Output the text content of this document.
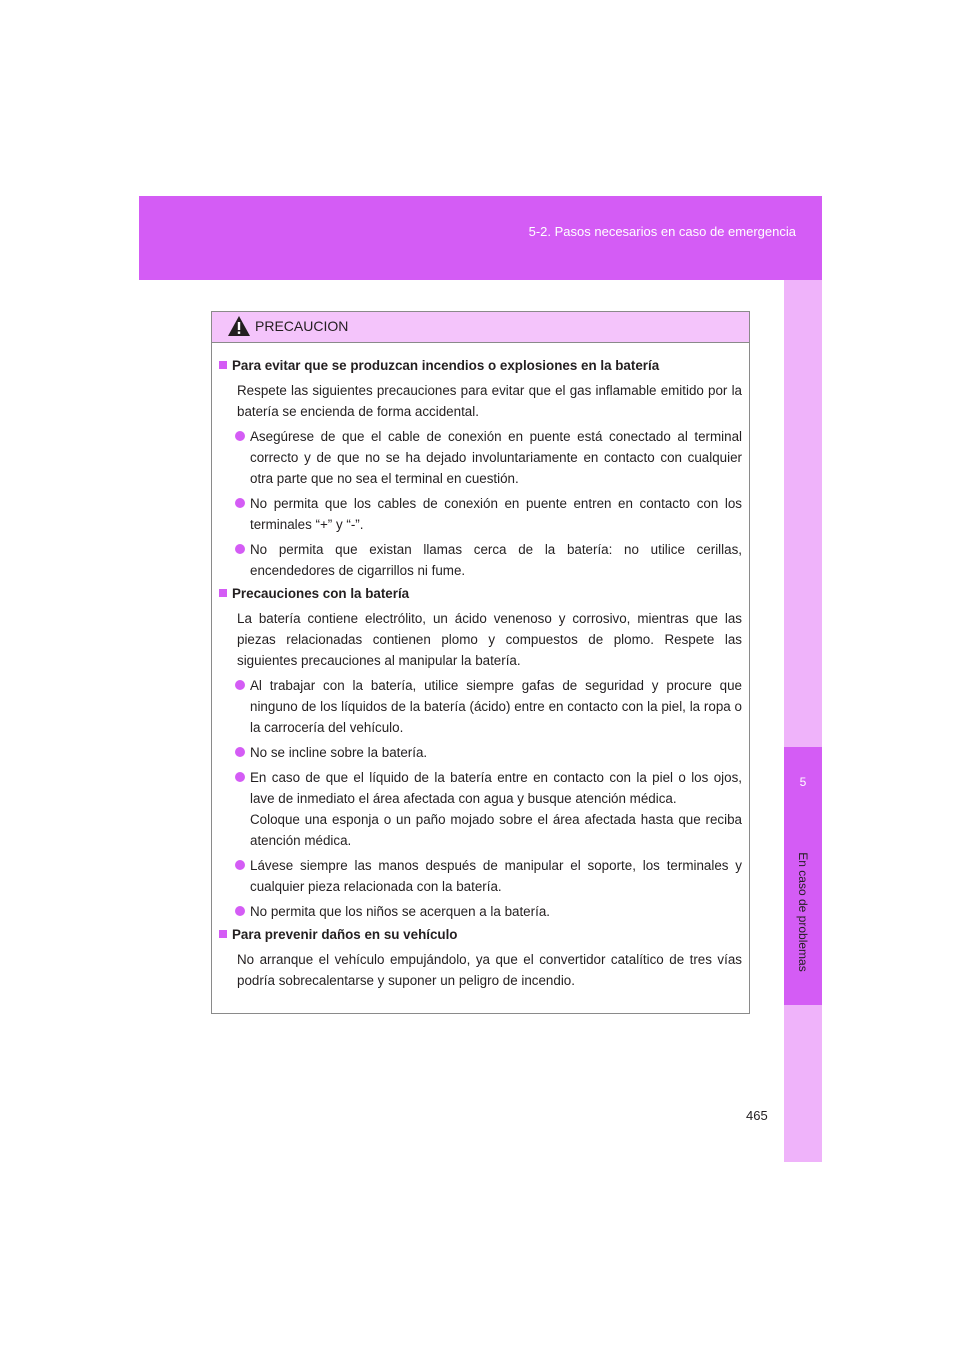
5-2. Pasos necesarios en caso de emergencia
5
En caso de problemas
PRECAUCION
Para evitar que se produzcan incendios o explosiones en la batería
Respete las siguientes precauciones para evitar que el gas inflamable emitido por la batería se encienda de forma accidental.
Asegúrese de que el cable de conexión en puente está conectado al terminal correcto y de que no se ha dejado involuntariamente en contacto con cualquier otra parte que no sea el terminal en cuestión.
No permita que los cables de conexión en puente entren en contacto con los terminales “+” y “-”.
No permita que existan llamas cerca de la batería: no utilice cerillas, encendedores de cigarrillos ni fume.
Precauciones con la batería
La batería contiene electrólito, un ácido venenoso y corrosivo, mientras que las piezas relacionadas contienen plomo y compuestos de plomo. Respete las siguientes precauciones al manipular la batería.
Al trabajar con la batería, utilice siempre gafas de seguridad y procure que ninguno de los líquidos de la batería (ácido) entre en contacto con la piel, la ropa o la carrocería del vehículo.
No se incline sobre la batería.
En caso de que el líquido de la batería entre en contacto con la piel o los ojos, lave de inmediato el área afectada con agua y busque atención médica.
Coloque una esponja o un paño mojado sobre el área afectada hasta que reciba atención médica.
Lávese siempre las manos después de manipular el soporte, los terminales y cualquier pieza relacionada con la batería.
No permita que los niños se acerquen a la batería.
Para prevenir daños en su vehículo
No arranque el vehículo empujándolo, ya que el convertidor catalítico de tres vías podría sobrecalentarse y suponer un peligro de incendio.
465
